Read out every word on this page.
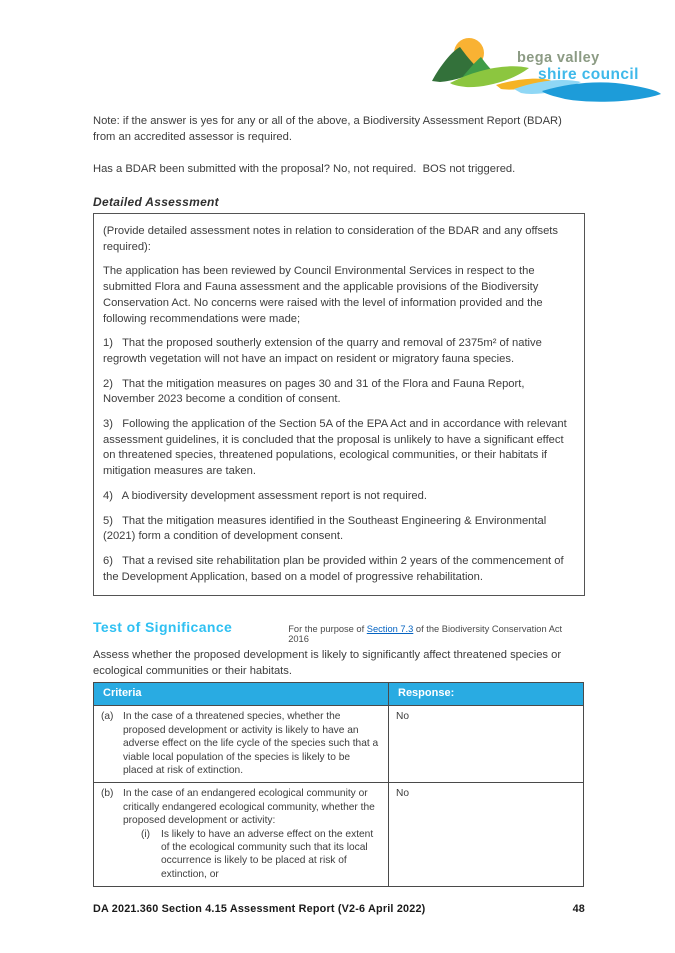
bega valley
shire council

Note: if the answer is yes for any or all of the above, a Biodiversity Assessment Report (BDAR) from an accredited assessor is required.

Has a BDAR been submitted with the proposal? No, not required.  BOS not triggered.

Detailed Assessment

(Provide detailed assessment notes in relation to consideration of the BDAR and any offsets required):

The application has been reviewed by Council Environmental Services in respect to the submitted Flora and Fauna assessment and the applicable provisions of the Biodiversity Conservation Act. No concerns were raised with the level of information provided and the following recommendations were made;

1)   That the proposed southerly extension of the quarry and removal of 2375m² of native regrowth vegetation will not have an impact on resident or migratory fauna species.

2)   That the mitigation measures on pages 30 and 31 of the Flora and Fauna Report, November 2023 become a condition of consent.

3)   Following the application of the Section 5A of the EPA Act and in accordance with relevant assessment guidelines, it is concluded that the proposal is unlikely to have a significant effect on threatened species, threatened populations, ecological communities, or their habitats if mitigation measures are taken.

4)   A biodiversity development assessment report is not required.

5)   That the mitigation measures identified in the Southeast Engineering & Environmental (2021) form a condition of development consent.

6)   That a revised site rehabilitation plan be provided within 2 years of the commencement of the Development Application, based on a model of progressive rehabilitation.

Test of Significance	For the purpose of Section 7.3 of the Biodiversity Conservation Act 2016

Assess whether the proposed development is likely to significantly affect threatened species or ecological communities or their habitats.

Criteria	Response:
(a) In the case of a threatened species, whether the proposed development or activity is likely to have an adverse effect on the life cycle of the species such that a viable local population of the species is likely to be placed at risk of extinction.
No
(b) In the case of an endangered ecological community or critically endangered ecological community, whether the proposed development or activity:
(i)	Is likely to have an adverse effect on the extent of the ecological community such that its local occurrence is likely to be placed at risk of extinction, or
No
DA 2021.360 Section 4.15 Assessment Report (V2-6 April 2022)	48
